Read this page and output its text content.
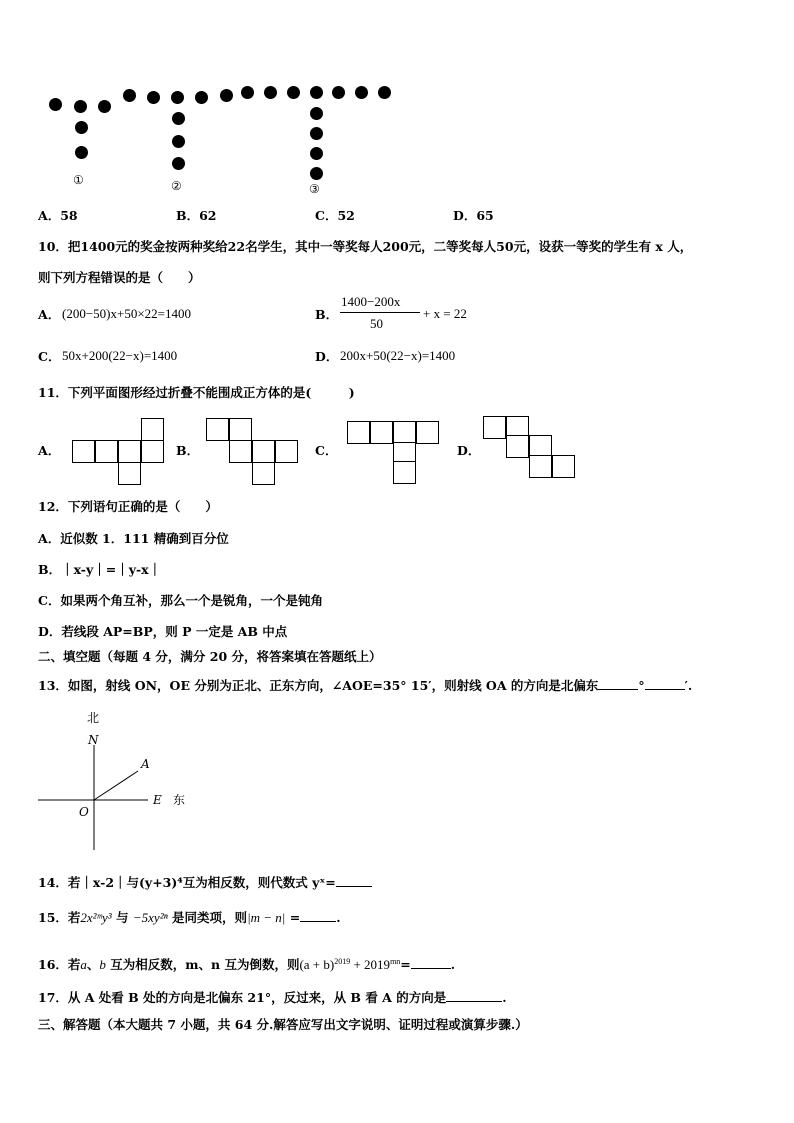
①	②	③
A．58	B．62	C．52	D．65
10．把1400元的奖金按两种奖给22名学生，其中一等奖每人200元，二等奖每人50元，设获一等奖的学生有 x 人，
则下列方程错误的是（　　）
A． (200−50)x+50×22=1400	B．
1400−200x
50
+ x = 22
C． 50x+200(22−x)=1400	D． 200x+50(22−x)=1400
11．下列平面图形经过折叠不能围成正方体的是(　　　)
A．	B．	C．	D．
12．下列语句正确的是（　　）
A．近似数 1．111 精确到百分位
B．｜x-y｜=｜y-x｜
C．如果两个角互补，那么一个是锐角，一个是钝角
D．若线段 AP=BP，则 P 一定是 AB 中点
二、填空题（每题 4 分，满分 20 分，将答案填在答题纸上）
13．如图，射线 ON，OE 分别为正北、正东方向，∠AOE=35° 15′，则射线 OA 的方向是北偏东	°	′.
北
N
A
O
E 东
14．若｜x-2｜与(y+3)⁴互为相反数，则代数式 yˣ=
15．若2x²ᵐy³ 与 −5xy²ⁿ 是同类项，则|m − n| =	.
16．若a、b 互为相反数，m、n 互为倒数，则$(a + b)^{2019} + 2019^{mn}=$	.
17．从 A 处看 B 处的方向是北偏东 21°，反过来，从 B 看 A 的方向是	.
三、解答题（本大题共 7 小题，共 64 分.解答应写出文字说明、证明过程或演算步骤.）
